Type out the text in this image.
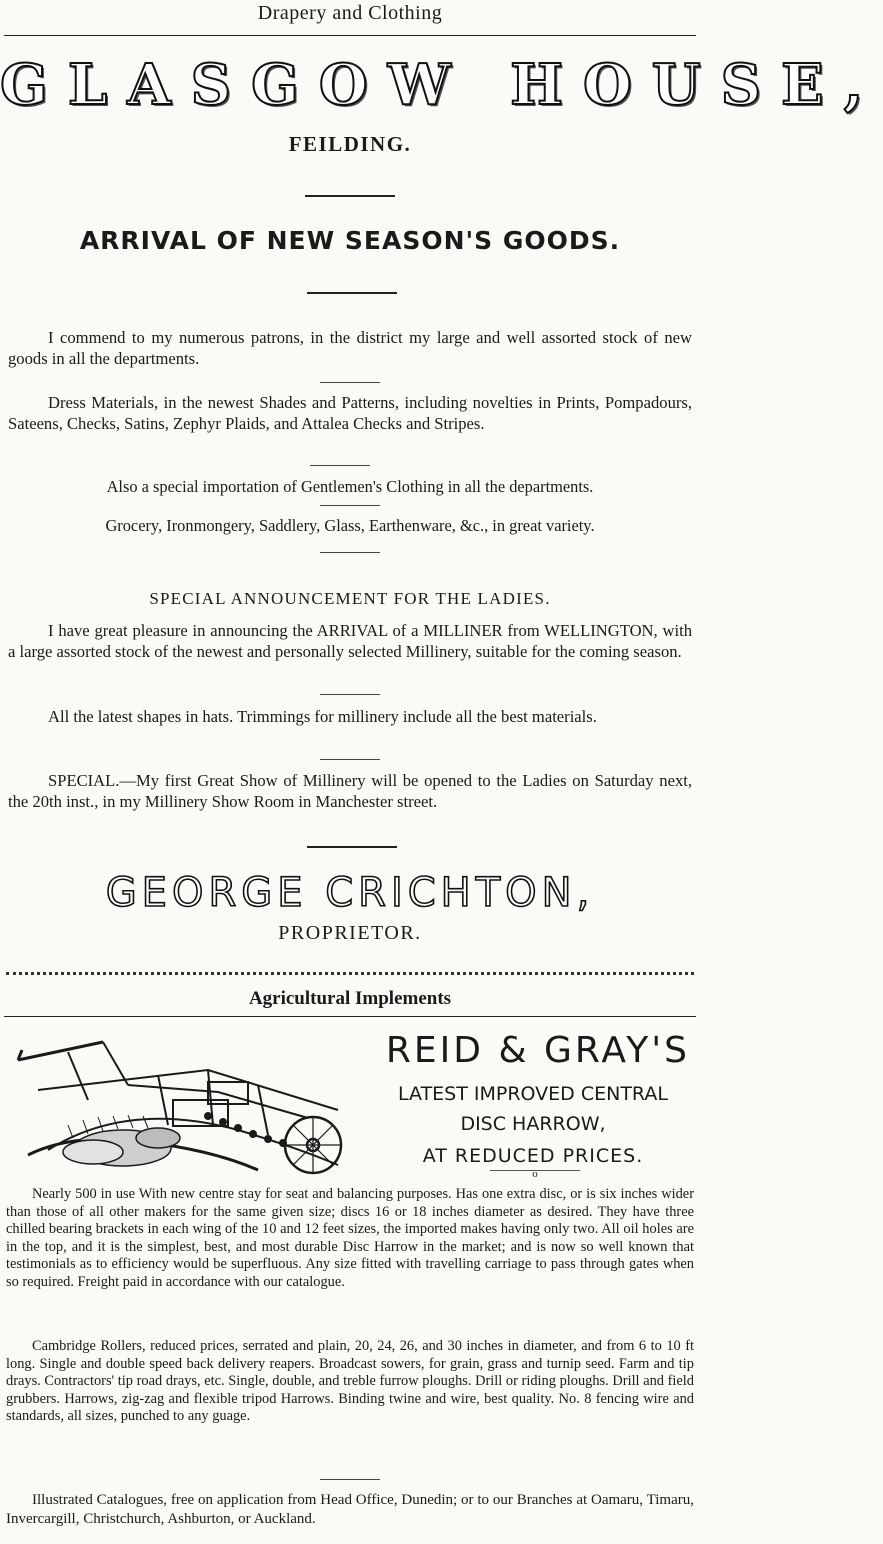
Drapery and Clothing
GLASGOW HOUSE,
FEILDING.
ARRIVAL OF NEW SEASON'S GOODS.
I commend to my numerous patrons, in the district my large and well assorted stock of new goods in all the departments.
Dress Materials, in the newest Shades and Patterns, including novelties in Prints, Pompadours, Sateens, Checks, Satins, Zephyr Plaids, and Attalea Checks and Stripes.
Also a special importation of Gentlemen's Clothing in all the departments.
Grocery, Ironmongery, Saddlery, Glass, Earthenware, &c., in great variety.
SPECIAL ANNOUNCEMENT FOR THE LADIES.
I have great pleasure in announcing the ARRIVAL of a MILLINER from WELLINGTON, with a large assorted stock of the newest and personally selected Millinery, suitable for the coming season.
All the latest shapes in hats. Trimmings for millinery include all the best materials.
SPECIAL.—My first Great Show of Millinery will be opened to the Ladies on Saturday next, the 20th inst., in my Millinery Show Room in Manchester street.
GEORGE CRICHTON,
PROPRIETOR.
Agricultural Implements
REID & GRAY'S
LATEST IMPROVED CENTRAL
DISC HARROW,
AT REDUCED PRICES.
o
Nearly 500 in use With new centre stay for seat and balancing purposes. Has one extra disc, or is six inches wider than those of all other makers for the same given size; discs 16 or 18 inches diameter as desired. They have three chilled bearing brackets in each wing of the 10 and 12 feet sizes, the imported makes having only two. All oil holes are in the top, and it is the simplest, best, and most durable Disc Harrow in the market; and is now so well known that testimonials as to efficiency would be superfluous. Any size fitted with travelling carriage to pass through gates when so required. Freight paid in accordance with our catalogue.
Cambridge Rollers, reduced prices, serrated and plain, 20, 24, 26, and 30 inches in diameter, and from 6 to 10 ft long. Single and double speed back delivery reapers. Broadcast sowers, for grain, grass and turnip seed. Farm and tip drays. Contractors' tip road drays, etc. Single, double, and treble furrow ploughs. Drill or riding ploughs. Drill and field grubbers. Harrows, zig-zag and flexible tripod Harrows. Binding twine and wire, best quality. No. 8 fencing wire and standards, all sizes, punched to any guage.
Illustrated Catalogues, free on application from Head Office, Dunedin; or to our Branches at Oamaru, Timaru, Invercargill, Christchurch, Ashburton, or Auckland.
